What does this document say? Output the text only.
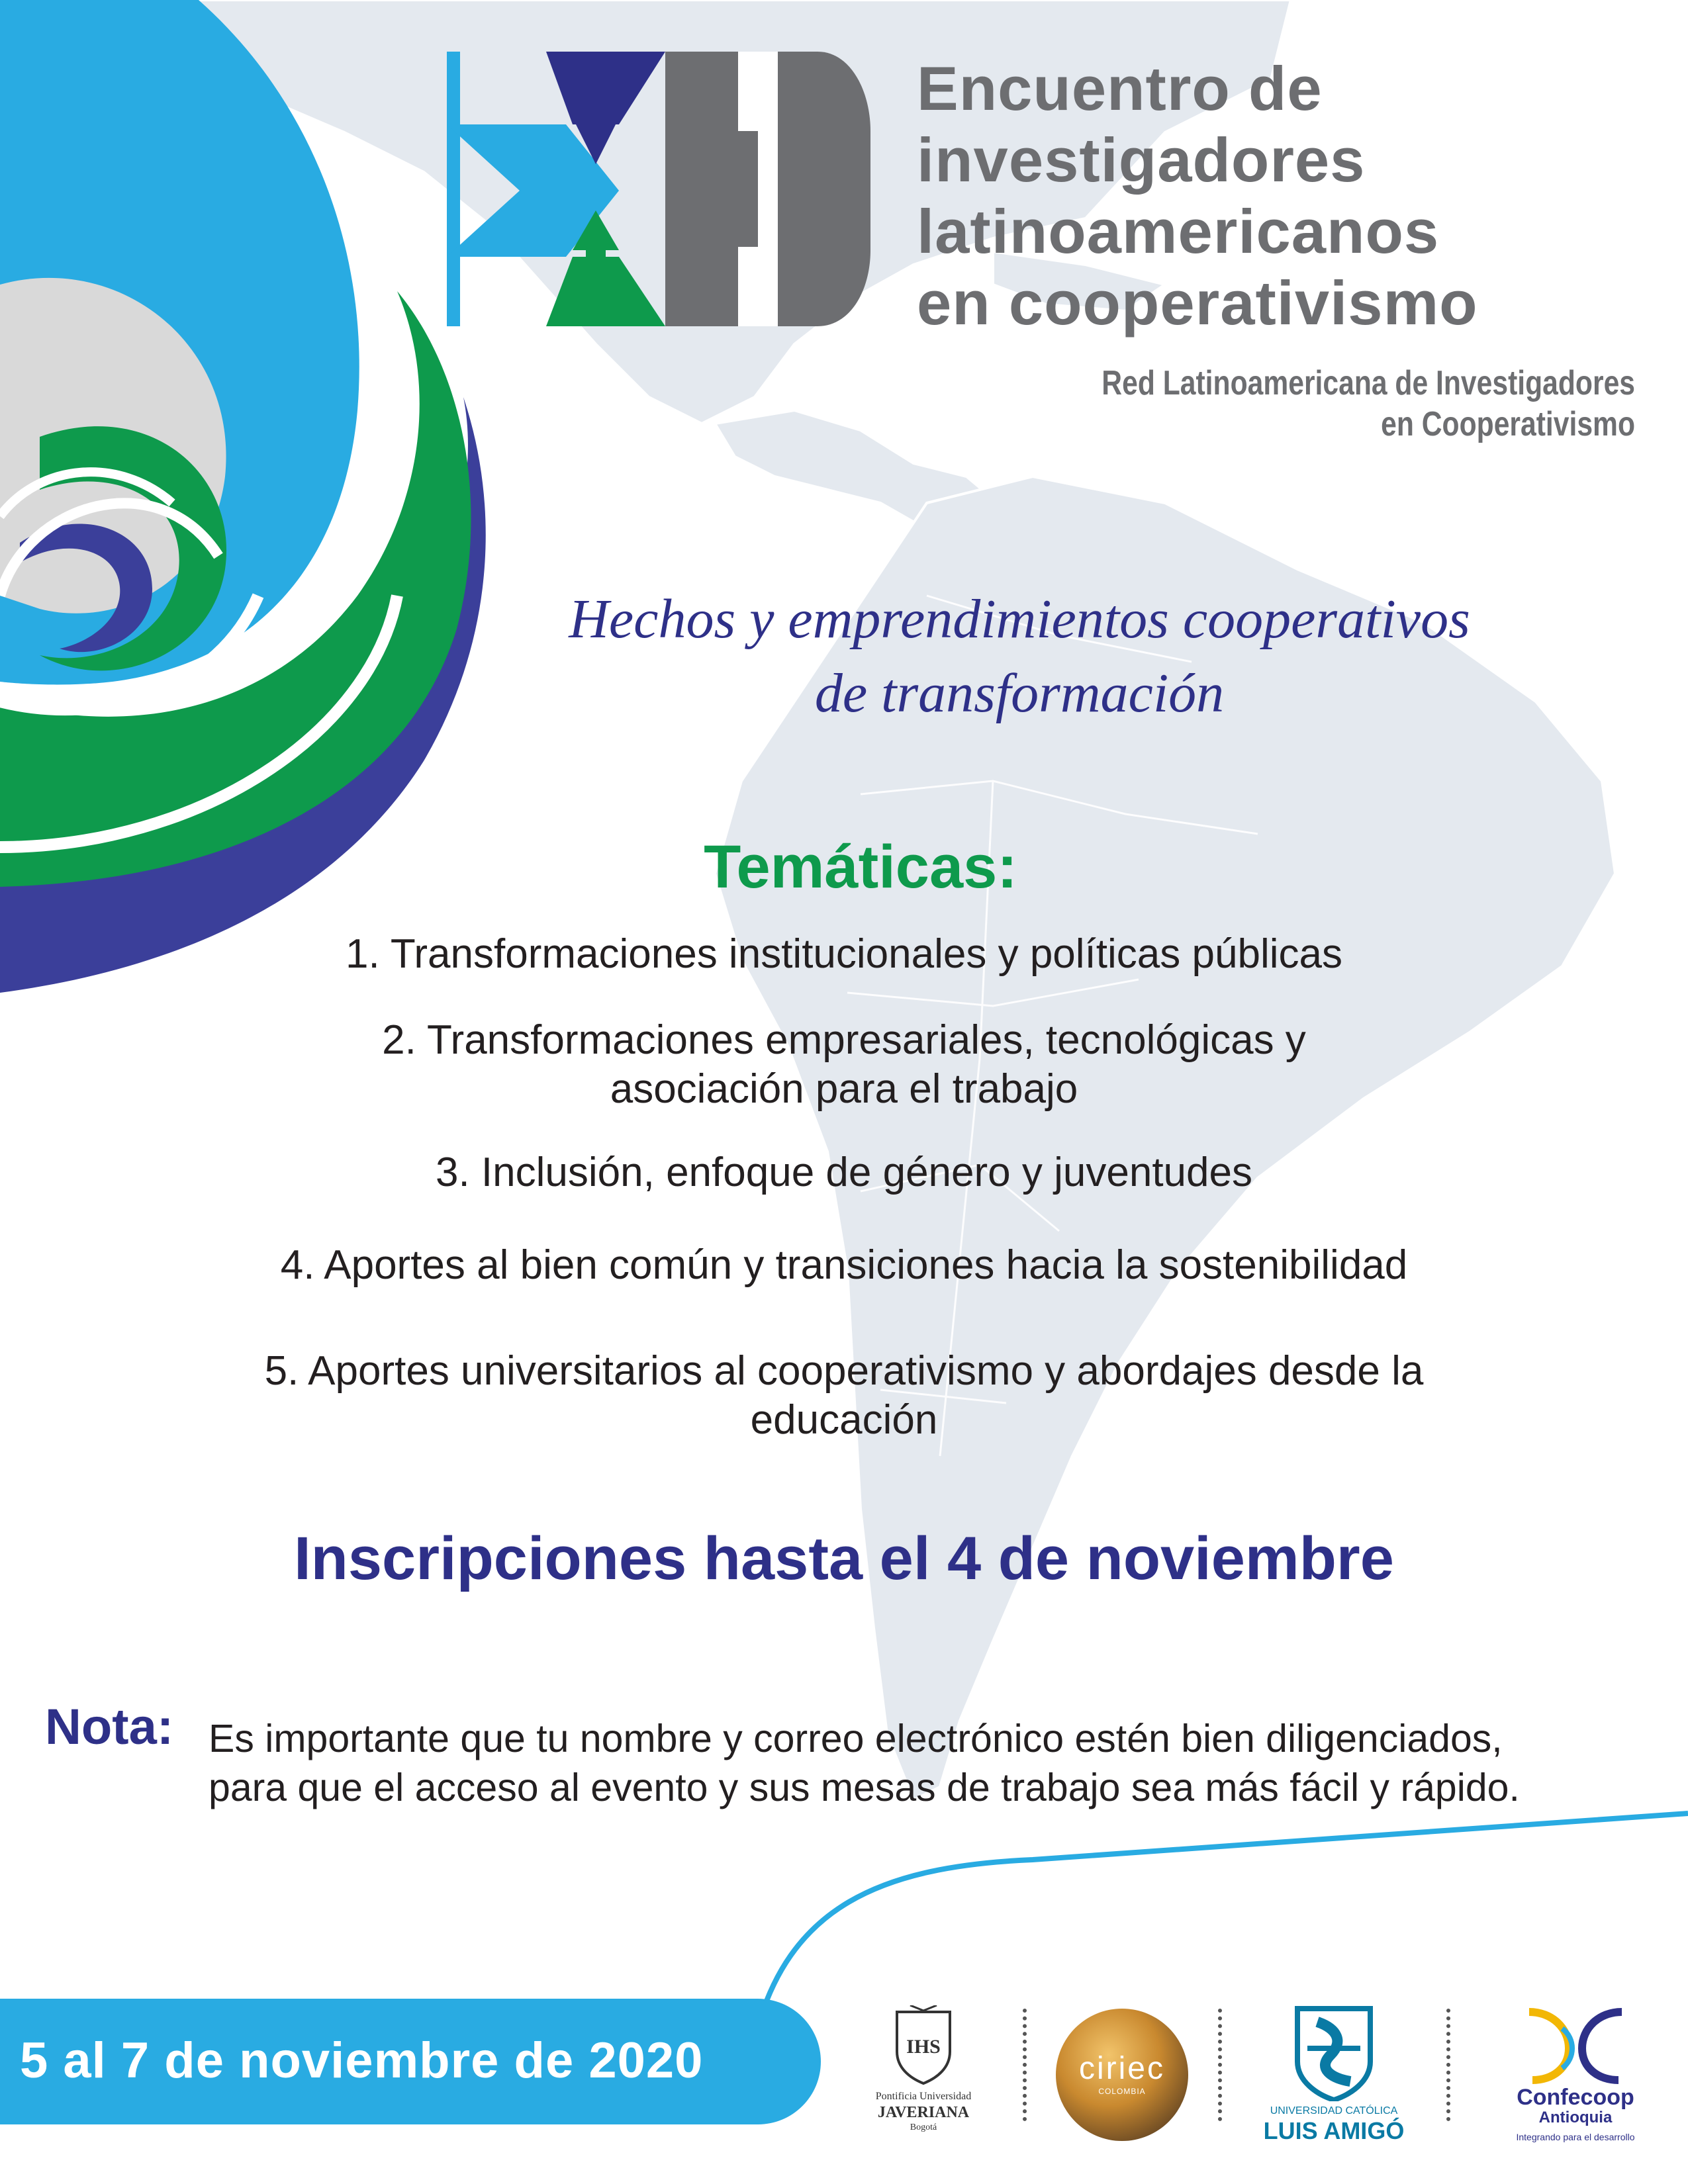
Encuentro de
investigadores
latinoamericanos
en cooperativismo
Red Latinoamericana de Investigadores
en Cooperativismo
Hechos y emprendimientos cooperativos
de transformación
Temáticas:
1. Transformaciones institucionales y políticas públicas
2. Transformaciones empresariales, tecnológicas y
asociación para el trabajo
3. Inclusión, enfoque de género y juventudes
4. Aportes al bien común y transiciones hacia la sostenibilidad
5. Aportes universitarios al cooperativismo y abordajes desde la
educación
Inscripciones hasta el 4 de noviembre
Nota: Es importante que tu nombre y correo electrónico estén bien diligenciados,
para que el acceso al evento y sus mesas de trabajo sea más fácil y rápido.
5 al 7 de noviembre de 2020	IHS
Pontificia Universidad
JAVERIANA
Bogotá
ciriec
COLOMBIA
UNIVERSIDAD CATÓLICA
LUIS AMIGÓ
Confecoop
Antioquia
Integrando para el desarrollo
